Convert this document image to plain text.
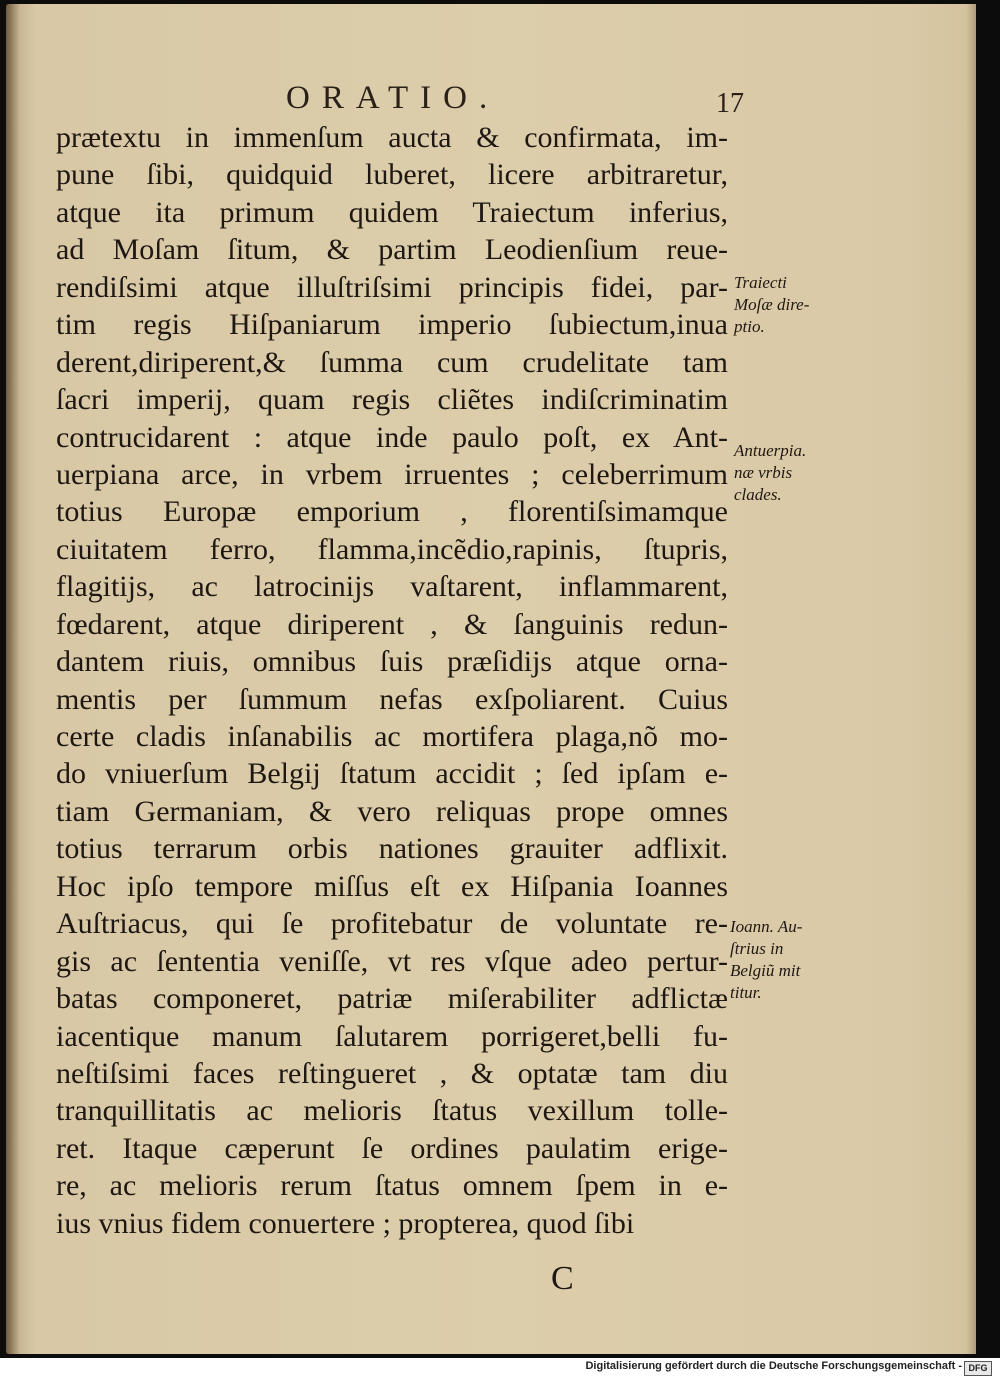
ORATIO.	17
prætextu in immenſum aucta & confirmata, im-
pune ſibi, quidquid luberet, licere arbitraretur,
atque ita primum quidem Traiectum inferius,
ad Moſam ſitum, & partim Leodienſium reue-
rendiſsimi atque illuſtriſsimi principis fidei, par-
tim regis Hiſpaniarum imperio ſubiectum,inua
derent,diriperent,& ſumma cum crudelitate tam
ſacri imperij, quam regis cliẽtes indiſcriminatim
contrucidarent : atque inde paulo poſt, ex Ant-
uerpiana arce, in vrbem irruentes ; celeberrimum
totius Europæ emporium , florentiſsimamque
ciuitatem ferro, flamma,incẽdio,rapinis, ſtupris,
flagitijs, ac latrocinijs vaſtarent, inflammarent,
fœdarent, atque diriperent , & ſanguinis redun-
dantem riuis, omnibus ſuis præſidijs atque orna-
mentis per ſummum nefas exſpoliarent. Cuius
certe cladis inſanabilis ac mortifera plaga,nõ mo-
do vniuerſum Belgij ſtatum accidit ; ſed ipſam e-
tiam Germaniam, & vero reliquas prope omnes
totius terrarum orbis nationes grauiter adflixit.
Hoc ipſo tempore miſſus eſt ex Hiſpania Ioannes
Auſtriacus, qui ſe profitebatur de voluntate re-
gis ac ſententia veniſſe, vt res vſque adeo pertur-
batas componeret, patriæ miſerabiliter adflictæ
iacentique manum ſalutarem porrigeret,belli fu-
neſtiſsimi faces reſtingueret , & optatæ tam diu
tranquillitatis ac melioris ſtatus vexillum tolle-
ret. Itaque cæperunt ſe ordines paulatim erige-
re, ac melioris rerum ſtatus omnem ſpem in e-
ius vnius fidem conuertere ; propterea, quod ſibi
Traiecti
Moſæ dire-
ptio.
Antuerpia.
næ vrbis
clades.
Ioann. Au-
ſtrius in
Belgiũ mit
titur.
C
Digitalisierung gefördert durch die Deutsche Forschungsgemeinschaft - DFG
